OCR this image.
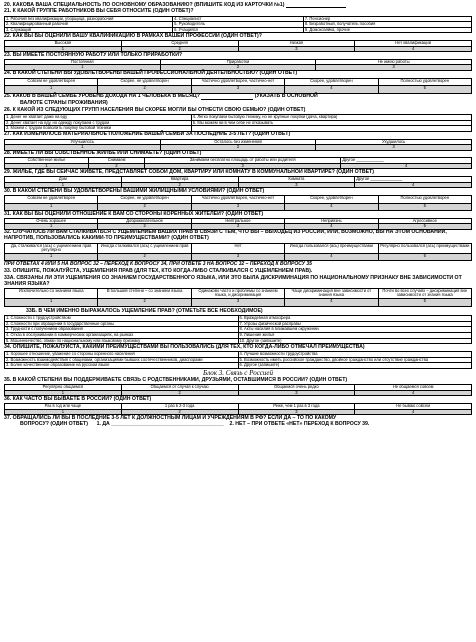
20. КАКОВА ВАША СПЕЦИАЛЬНОСТЬ ПО ОСНОВНОМУ ОБРАЗОВАНИЮ? (ВПИШИТЕ КОД ИЗ КАРТОЧКИ №1)
21. К КАКОЙ ГРУППЕ РАБОТНИКОВ ВЫ СЕБЯ ОТНОСИТЕ (ОДИН ОТВЕТ)?
1. Рабочий без квалификации, уборщица, разнорабочий	4. Специалист	7. Пенсионер
2. Квалифицированный рабочий	5. Руководитель	8. Безработный, получатель пособия
3. Служащий	6. Учащийся	9. Домохозяйка, прочие
22. КАК ВЫ БЫ ОЦЕНИЛИ ВАШУ КВАЛИФИКАЦИЮ В РАМКАХ ВАШЕЙ ПРОФЕССИИ (ОДИН ОТВЕТ)?
Высокая	Средняя	Низкая	Нет квалификации
1	2	3	4
23. ВЫ ИМЕЕТЕ ПОСТОЯННУЮ РАБОТУ ИЛИ ТОЛЬКО ПРИРАБОТКИ?
Постоянная	Приработки	Не имею работы
1	2	3
24. В КАКОЙ СТЕПЕНИ ВЫ УДОВЛЕТВОРЕНЫ ВАШЕЙ ПРОФЕССИОНАЛЬНОЙ ДЕЯТЕЛЬНОСТЬЮ? (ОДИН ОТВЕТ)
Совсем не удовлетворен	Скорее, не удовлетворен	Частично удовлетворен, частично-нет	Скорее, удовлетворен	Полностью удовлетворен
1	2	3	4	5
25. КАКОВ В ВАШЕЙ СЕМЬЕ УРОВЕНЬ ДОХОДА НА 1 ЧЕЛОВЕКА В МЕСЯЦ?	(УКАЗАТЬ В ОСНОВНОЙ
ВАЛЮТЕ СТРАНЫ ПРОЖИВАНИЯ)
26. К КАКОЙ ИЗ СЛЕДУЮЩИХ ГРУПП НАСЕЛЕНИЯ ВЫ СКОРЕЕ МОГЛИ БЫ ОТНЕСТИ СВОЮ СЕМЬЮ? (ОДИН ОТВЕТ)
1. Денег не хватает даже на еду	4. Легко покупаем бытовую технику, но не крупные покупки (дача, квартира)
2. Денег хватает на еду, но одежду покупаем с трудом	5. Мы можем ни в чем себе не отказывать
3. Можем с трудом позволить покупку бытовой техники	
27. КАК ИЗМЕНИЛОСЬ МАТЕРИАЛЬНОЕ ПОЛОЖЕНИЕ ВАШЕЙ СЕМЬИ ЗА ПОСЛЕДНИЕ 3-5 ЛЕТ? (ОДИН ОТВЕТ)
Улучшилось	Осталось без изменений	Ухудшилось
1	2	3
28. ИМЕЕТЕ ЛИ ВЫ СОБСТВЕННОЕ ЖИЛЬЕ ИЛИ СНИМАЕТЕ? (ОДИН ОТВЕТ)
Собственное жилье	Снимаем	Занимаем бесплатно площадь от работы или родителя	Другое ____________
1	2	3	4
29. ЖИЛЬЕ, ГДЕ ВЫ СЕЙЧАС ЖИВЕТЕ, ПРЕДСТАВЛЯЕТ СОБОЙ ДОМ, КВАРТИРУ ИЛИ КОМНАТУ В КОММУНАЛЬНОЙ КВАРТИРЕ? (ОДИН ОТВЕТ)
Дом	Квартира	Комната	Другое ______________
1	2	3	4
30. В КАКОЙ СТЕПЕНИ ВЫ УДОВЛЕТВОРЕНЫ ВАШИМИ ЖИЛИЩНЫМИ УСЛОВИЯМИ? (ОДИН ОТВЕТ)
Совсем не удовлетворен	Скорее, не удовлетворен	Частично удовлетворен, частично-нет	Скорее, удовлетворен	Полностью удовлетворен
1	2	3	4	5
31. КАК ВЫ БЫ ОЦЕНИЛИ ОТНОШЕНИЕ К ВАМ СО СТОРОНЫ КОРЕННЫХ ЖИТЕЛЕЙ? (ОДИН ОТВЕТ)
Очень хорошее	Доброжелательное	Нейтральное	Неприязнь	Агрессивное
1	2	3	4	5
32. СЛУЧАЛОСЬ ЛИ ВАМ СТАЛКИВАТЬСЯ С УЩЕМЛЕНИЕМ ВАШИХ ПРАВ В СВЯЗИ С ТЕМ, ЧТО ВЫ – ВЫХОДЕЦ ИЗ РОССИИ, ИЛИ, ВОЗМОЖНО, ВЫ НА ЭТОМ ОСНОВАНИИ, НАПРОТИВ, ПОЛЬЗОВАЛИСЬ КАКИМИ-ТО ПРЕИМУЩЕСТВАМИ? (ОДИН ОТВЕТ)
Да, сталкивался (ась) с ущемлением прав регулярно	Иногда сталкивался (ась) с ущемлением прав	Нет	Иногда пользовался (ась) преимуществами	Регулярно пользовался (ась) преимуществами
1	2	3	4	5
ПРИ ОТВЕТАХ 4 ИЛИ 5 НА ВОПРОС 32 – ПЕРЕХОД К ВОПРОСУ 34, ПРИ ОТВЕТЕ 3 НА ВОПРОС 32 – ПЕРЕХОД К ВОПРОСУ 35
33. ОПИШИТЕ, ПОЖАЛУЙСТА, УЩЕМЛЕНИЯ ПРАВ (ДЛЯ ТЕХ, КТО КОГДА-ЛИБО СТАЛКИВАЛСЯ С УЩЕМЛЕНИЕМ ПРАВ).
33А. СВЯЗАНЫ ЛИ ЭТИ УЩЕМЛЕНИЯ СО ЗНАНИЕМ ГОСУДАРСТВЕННОГО ЯЗЫКА, ИЛИ ЭТО БЫЛА ДИСКРИМИНАЦИЯ ПО НАЦИОНАЛЬНОМУ ПРИЗНАКУ ВНЕ ЗАВИСИМОСТИ ОТ ЗНАНИЯ ЯЗЫКА?
Исключительно со знанием языка	В большей степени – со знанием языка	Одинаково часто и проблемы со знанием языка, и дискриминация	Чаще дискриминация вне зависимости от знания языка	Почти во всех случаях – дискриминация вне зависимости от знания языка
1	2	3	4	5
33Б. В ЧЕМ ИМЕННО ВЫРАЖАЛОСЬ УЩЕМЛЕНИЕ ПРАВ? (ОТМЕТЬТЕ ВСЕ НЕОБХОДИМОЕ)
1. Сложности с трудоустройством	6. Враждебная атмосфера
2. Сложности при обращении в государственные органы	7. Угрозы физической расправы
3. Трудности с получением образования	8. Акты насилия в ближайшем окружении
4. Отказ в обслуживании в коммерческих организациях, на рынках	9. Лишение жилья
5. Мошенничество, обман по национальному или языковому признаку	10. Другое (запишите)
34. ОПИШИТЕ, ПОЖАЛУЙСТА, КАКИМИ ПРЕИМУЩЕСТВАМИ ВЫ ПОЛЬЗОВАЛИСЬ (ДЛЯ ТЕХ, КТО КОГДА-ЛИБО ОТМЕЧАЛ ПРЕИМУЩЕСТВА)
1. Хорошее отношение, уважение со стороны коренного населения	4. Лучшие возможности трудоустройства
2. Возможность взаимодействия с общинами, организациями бывших соотечественников, диаспорами	5. Возможность иметь российское гражданство, двойное гражданство или отсутствие гражданства
3. Более качественное образование на русском языке	6. Другое (запишите)
Блок 3. Связь с Россией
35. В КАКОЙ СТЕПЕНИ ВЫ ПОДДЕРЖИВАЕТЕ СВЯЗЬ С РОДСТВЕННИКАМИ, ДРУЗЬЯМИ, ОСТАВШИМИСЯ В РОССИИ? (ОДИН ОТВЕТ)
Регулярно общаемся	Общаемся от случая к случаю	Общаемся очень редко	Не общаемся совсем
1	2	3	4
36. КАК ЧАСТО ВЫ БЫВАЕТЕ В РОССИИ? (ОДИН ОТВЕТ)
Раз в год или чаще	1 раз в 2-3 года	Реже, чем 1 раз в 3 года	Не бываю совсем
1	2	3	4
37. ОБРАЩАЛИСЬ ЛИ ВЫ В ПОСЛЕДНИЕ 3-5 ЛЕТ К ДОЛЖНОСТНЫМ ЛИЦАМ И УЧРЕЖДЕНИЯМ В РФ? ЕСЛИ ДА – ТО ПО КАКОМУ
ВОПРОСУ? (ОДИН ОТВЕТ) 1. ДА _______________________________________ 2. НЕТ – ПРИ ОТВЕТЕ «НЕТ» ПЕРЕХОД К ВОПРОСУ 39.
